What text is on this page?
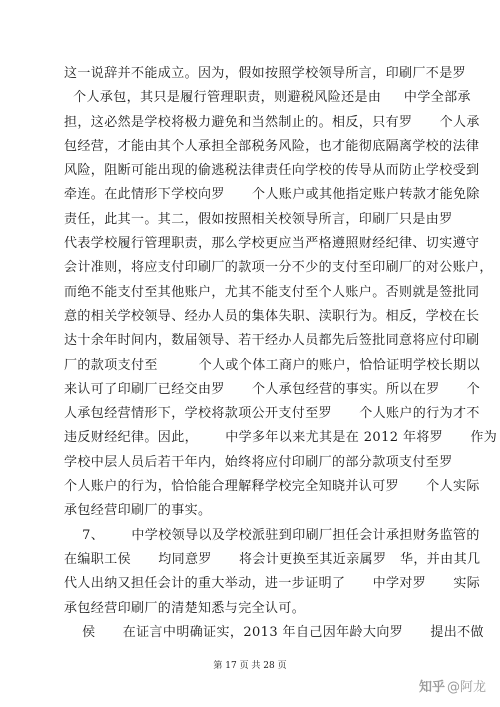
这一说辞并不能成立。因为，假如按照学校领导所言，印刷厂不是罗
个人承包，其只是履行管理职责，则避税风险还是由     中学全部承
担，这必然是学校将极力避免和当然制止的。相反，只有罗      个人承
包经营，才能由其个人承担全部税务风险，也才能彻底隔离学校的法律
风险，阻断可能出现的偷逃税法律责任向学校的传导从而防止学校受到
牵连。在此情形下学校向罗      个人账户或其他指定账户转款才能免除
责任，此其一。其二，假如按照相关校领导所言，印刷厂只是由罗
代表学校履行管理职责，那么学校更应当严格遵照财经纪律、切实遵守
会计准则，将应支付印刷厂的款项一分不少的支付至印刷厂的对公账户，
而绝不能支付至其他账户，尤其不能支付至个人账户。否则就是签批同
意的相关学校领导、经办人员的集体失职、渎职行为。相反，学校在长
达十余年时间内，数届领导、若干经办人员都先后签批同意将应付印刷
厂的款项支付至         个人或个体工商户的账户，恰恰证明学校长期以
来认可了印刷厂已经交由罗      个人承包经营的事实。所以在罗      个
人承包经营情形下，学校将款项公开支付至罗      个人账户的行为才不
违反财经纪律。因此，      中学多年以来尤其是在 2012 年将罗      作为
学校中层人员后若干年内，始终将应付印刷厂的部分款项支付至罗
个人账户的行为，恰恰能合理解释学校完全知晓并认可罗      个人实际
承包经营印刷厂的事实。
7、      中学校领导以及学校派驻到印刷厂担任会计承担财务监管的
在编职工侯      均同意罗      将会计更换至其近亲属罗   华，并由其几
代人出纳又担任会计的重大举动，进一步证明了      中学对罗      实际
承包经营印刷厂的清楚知悉与完全认可。
侯      在证言中明确证实，2013 年自己因年龄大向罗      提出不做
第 17 页 共 28 页
知乎 @阿龙
